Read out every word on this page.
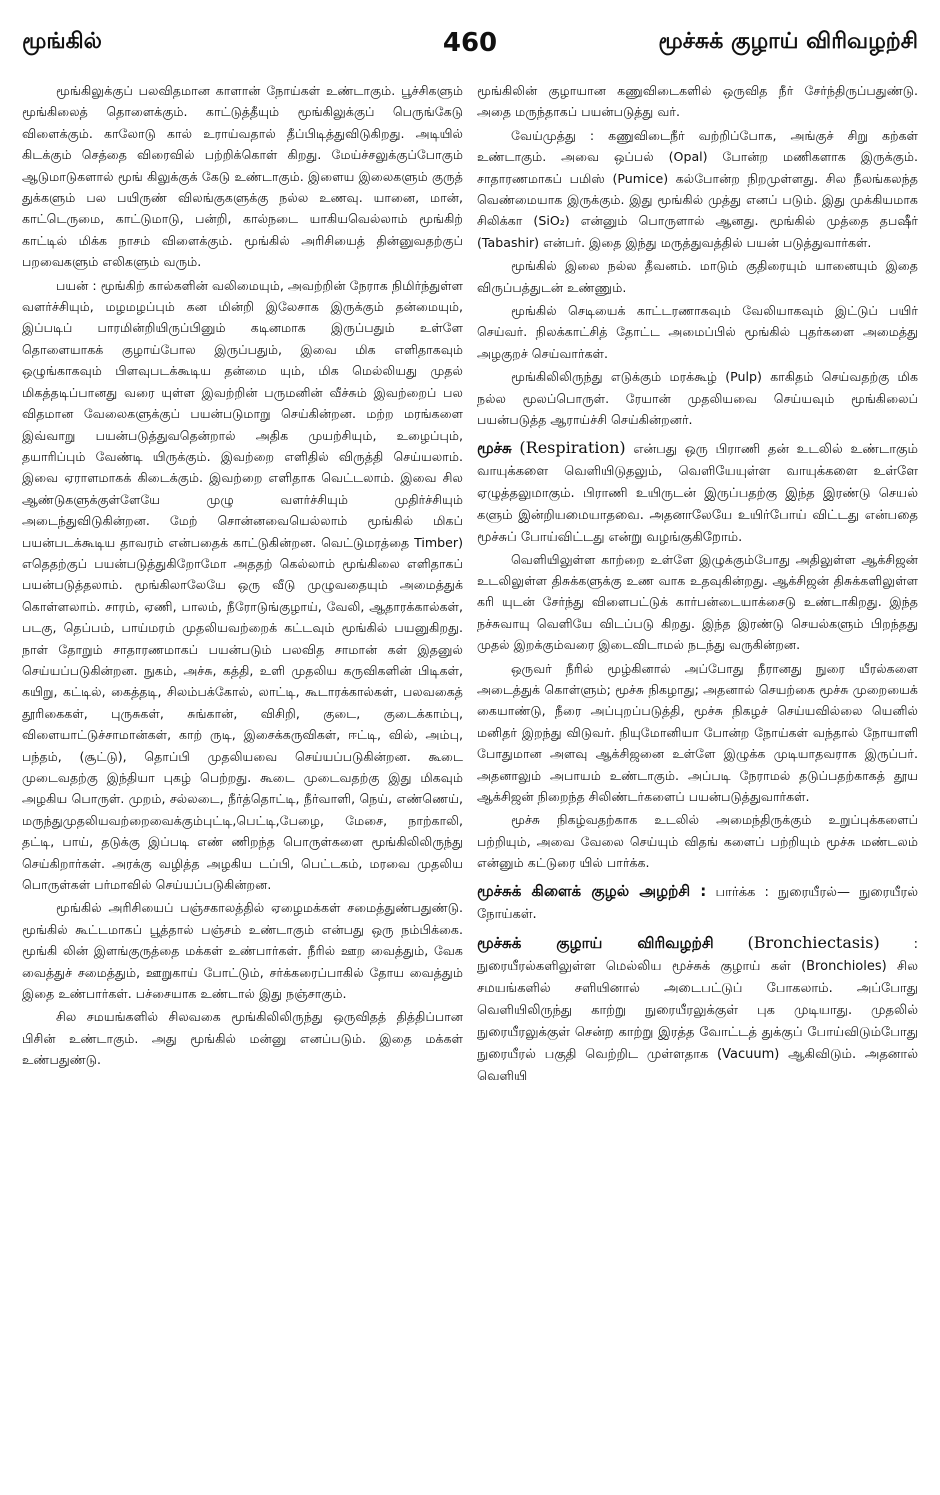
மூங்கில்	460	மூச்சுக் குழாய் விரிவழற்சி

மூங்கிலுக்குப் பலவிதமான காளான் நோய்கள் உண்டாகும். பூச்சிகளும் மூங்கிலைத் தொளைக்கும். காட்டுத்தீயும் மூங்கிலுக்குப் பெருங்கேடு விளைக்கும். காலோடு கால் உராய்வதால் தீப்பிடித்துவிடுகிறது. அடியில் கிடக்கும் செத்தை விரைவில் பற்றிக்கொள் கிறது. மேய்ச்சலுக்குப்போகும் ஆடுமாடுகளால் மூங் கிலுக்குக் கேடு உண்டாகும். இளைய இலைகளும் குருத் துக்களும் பல பயிருண் விலங்குகளுக்கு நல்ல உணவு. யானை, மான், காட்டெருமை, காட்டுமாடு, பன்றி, கால்நடை யாகியவெல்லாம் மூங்கிற் காட்டில் மிக்க நாசம் விளைக்கும். மூங்கில் அரிசியைத் தின்னுவதற்குப் பறவைகளும் எலிகளும் வரும்.

பயன் : மூங்கிற் கால்களின் வலிமையும், அவற்றின் நேராக நிமிர்ந்துள்ள வளர்ச்சியும், மழமழப்பும் கன மின்றி இலேசாக இருக்கும் தன்மையும், இப்படிப் பாரமின்றியிருப்பினும் கடினமாக இருப்பதும் உள்ளே தொளையாகக் குழாய்போல இருப்பதும், இவை மிக எளிதாகவும் ஒழுங்காகவும் பிளவுபடக்கூடிய தன்மை யும், மிக மெல்லியது முதல் மிகத்தடிப்பானது வரை யுள்ள இவற்றின் பருமனின் வீச்சும் இவற்றைப் பல விதமான வேலைகளுக்குப் பயன்படுமாறு செய்கின்றன. மற்ற மரங்களை இவ்வாறு பயன்படுத்துவதென்றால் அதிக முயற்சியும், உழைப்பும், தயாரிப்பும் வேண்டி யிருக்கும். இவற்றை எளிதில் விருத்தி செய்யலாம். இவை ஏராளமாகக் கிடைக்கும். இவற்றை எளிதாக வெட்டலாம். இவை சில ஆண்டுகளுக்குள்ளேயே முழு வளர்ச்சியும் முதிர்ச்சியும் அடைந்துவிடுகின்றன. மேற் சொன்னவையெல்லாம் மூங்கில் மிகப் பயன்படக்கூடிய தாவரம் என்பதைக் காட்டுகின்றன. வெட்டுமரத்தை Timber) எதெதற்குப் பயன்படுத்துகிறோமோ அததற் கெல்லாம் மூங்கிலை எளிதாகப் பயன்படுத்தலாம். மூங்கிலாலேயே ஒரு வீடு முழுவதையும் அமைத்துக் கொள்ளலாம். சாரம், ஏணி, பாலம், நீரோடுங்குழாய், வேலி, ஆதாரக்கால்கள், படகு, தெப்பம், பாய்மரம் முதலியவற்றைக் கட்டவும் மூங்கில் பயனுகிறது. நாள் தோறும் சாதாரணமாகப் பயன்படும் பலவித சாமான் கள் இதனுல் செய்யப்படுகின்றன. நுகம், அச்சு, கத்தி, உளி முதலிய கருவிகளின் பிடிகள், கயிறு, கட்டில், கைத்தடி, சிலம்பக்கோல், லாட்டி, கூடாரக்கால்கள், பலவகைத் தூரிகைகள், புருசுகள், சுங்கான், விசிறி, குடை, குடைக்காம்பு, விளையாட்டுச்சாமான்கள், காற் ருடி, இசைக்கருவிகள், ஈட்டி, வில், அம்பு, பந்தம், (சூட்டு), தொப்பி முதலியவை செய்யப்படுகின்றன. கூடை முடைவதற்கு இந்தியா புகழ் பெற்றது. கூடை முடைவதற்கு இது மிகவும் அழகிய பொருள். முறம், சல்லடை, நீர்த்தொட்டி, நீர்வாளி, நெய், எண்ணெய், மருந்துமுதலியவற்றைவைக்கும்புட்டி,பெட்டி,பேழை, மேசை, நாற்காலி, தட்டி, பாய், தடுக்கு இப்படி எண் ணிறந்த பொருள்களை மூங்கிலிலிருந்து செய்கிறார்கள். அரக்கு வழித்த அழகிய டப்பி, பெட்டகம், மரவை முதலிய பொருள்கள் பர்மாவில் செய்யப்படுகின்றன.

மூங்கில் அரிசியைப் பஞ்சகாலத்தில் ஏழைமக்கள் சமைத்துண்பதுண்டு. மூங்கில் கூட்டமாகப் பூத்தால் பஞ்சம் உண்டாகும் என்பது ஒரு நம்பிக்கை. மூங்கி லின் இளங்குருத்தை மக்கள் உண்பார்கள். நீரில் ஊற வைத்தும், வேக வைத்துச் சமைத்தும், ஊறுகாய் போட்டும், சர்க்கரைப்பாகில் தோய வைத்தும் இதை உண்பார்கள். பச்சையாக உண்டால் இது நஞ்சாகும்.

சில சமயங்களில் சிலவகை மூங்கிலிலிருந்து ஒருவிதத் தித்திப்பான பிசின் உண்டாகும். அது மூங்கில் மன்னு எனப்படும். இதை மக்கள் உண்பதுண்டு.

மூங்கிலின் குழாயான கணுவிடைகளில் ஒருவித நீர் சேர்ந்திருப்பதுண்டு. அதை மருந்தாகப் பயன்படுத்து வர்.

வேய்முத்து : கணுவிடைநீர் வற்றிப்போக, அங்குச் சிறு கற்கள் உண்டாகும். அவை ஒப்பல் (Opal) போன்ற மணிகளாக இருக்கும். சாதாரணமாகப் பமிஸ் (Pumice) கல்போன்ற நிறமுள்ளது. சில நீலங்கலந்த வெண்மையாக இருக்கும். இது மூங்கில் முத்து எனப் படும். இது முக்கியமாக சிலிக்கா (SiO₂) என்னும் பொருளால் ஆனது. மூங்கில் முத்தை தபஷீர் (Tabashir) என்பர். இதை இந்து மருத்துவத்தில் பயன் படுத்துவார்கள்.

மூங்கில் இலை நல்ல தீவனம். மாடும் குதிரையும் யானையும் இதை விருப்பத்துடன் உண்ணும்.

மூங்கில் செடியைக் காட்டரணாகவும் வேலியாகவும் இட்டுப் பயிர் செய்வர். நிலக்காட்சித் தோட்ட அமைப்பில் மூங்கில் புதர்களை அமைத்து அழகுறச் செய்வார்கள்.

மூங்கிலிலிருந்து எடுக்கும் மரக்கூழ் (Pulp) காகிதம் செய்வதற்கு மிக நல்ல மூலப்பொருள். ரேயான் முதலியவை செய்யவும் மூங்கிலைப் பயன்படுத்த ஆராய்ச்சி செய்கின்றனர்.

மூச்சு (Respiration) என்பது ஒரு பிராணி தன் உடலில் உண்டாகும் வாயுக்களை வெளியிடுதலும், வெளியேயுள்ள வாயுக்களை உள்ளே ஏழுத்தலுமாகும். பிராணி உயிருடன் இருப்பதற்கு இந்த இரண்டு செயல் களும் இன்றியமையாதவை. அதனாலேயே உயிர்போய் விட்டது என்பதை மூச்சுப் போய்விட்டது என்று வழங்குகிறோம்.

வெளியிலுள்ள காற்றை உள்ளே இழுக்கும்போது அதிலுள்ள ஆக்சிஜன் உடலிலுள்ள திசுக்களுக்கு உண வாக உதவுகின்றது. ஆக்சிஜன் திசுக்களிலுள்ள கரி யுடன் சேர்ந்து விளைபட்டுக் கார்பன்டையாக்சைடு உண்டாகிறது. இந்த நச்சுவாயு வெளியே விடப்படு கிறது. இந்த இரண்டு செயல்களும் பிறந்தது முதல் இறக்கும்வரை இடைவிடாமல் நடந்து வருகின்றன.

ஒருவர் நீரில் மூழ்கினால் அப்போது நீரானது நுரை யீரல்களை அடைத்துக் கொள்ளும்; மூச்சு நிகழாது; அதனால் செயற்கை மூச்சு முறையைக் கையாண்டு, நீரை அப்புறப்படுத்தி, மூச்சு நிகழச் செய்யவில்லை யெனில் மனிதர் இறந்து விடுவர். நியுமோனியா போன்ற நோய்கள் வந்தால் நோயாளி போதுமான அளவு ஆக்சிஜனை உள்ளே இழுக்க முடியாதவராக இருப்பர். அதனாலும் அபாயம் உண்டாகும். அப்படி நேராமல் தடுப்பதற்காகத் தூய ஆக்சிஜன் நிறைந்த சிலிண்டர்களைப் பயன்படுத்துவார்கள்.

மூச்சு நிகழ்வதற்காக உடலில் அமைந்திருக்கும் உறுப்புக்களைப் பற்றியும், அவை வேலை செய்யும் விதங் களைப் பற்றியும் மூச்சு மண்டலம் என்னும் கட்டுரை யில் பார்க்க.

மூச்சுக் கிளைக் குழல் அழற்சி : பார்க்க : நுரையீரல்— நுரையீரல் நோய்கள்.
மூச்சுக் குழாய் விரிவழற்சி (Bronchiectasis)	: நுரையீரல்களிலுள்ள மெல்லிய மூச்சுக் குழாய் கள் (Bronchioles) சில சமயங்களில் சளியினால் அடைபட்டுப் போகலாம். அப்போது வெளியிலிருந்து காற்று நுரையீரலுக்குள் புக முடியாது. முதலில் நுரையீரலுக்குள் சென்ற காற்று இரத்த வோட்டத் துக்குப் போய்விடும்போது நுரையீரல் பகுதி வெற்றிட முள்ளதாக (Vacuum) ஆகிவிடும். அதனால் வெளியி
